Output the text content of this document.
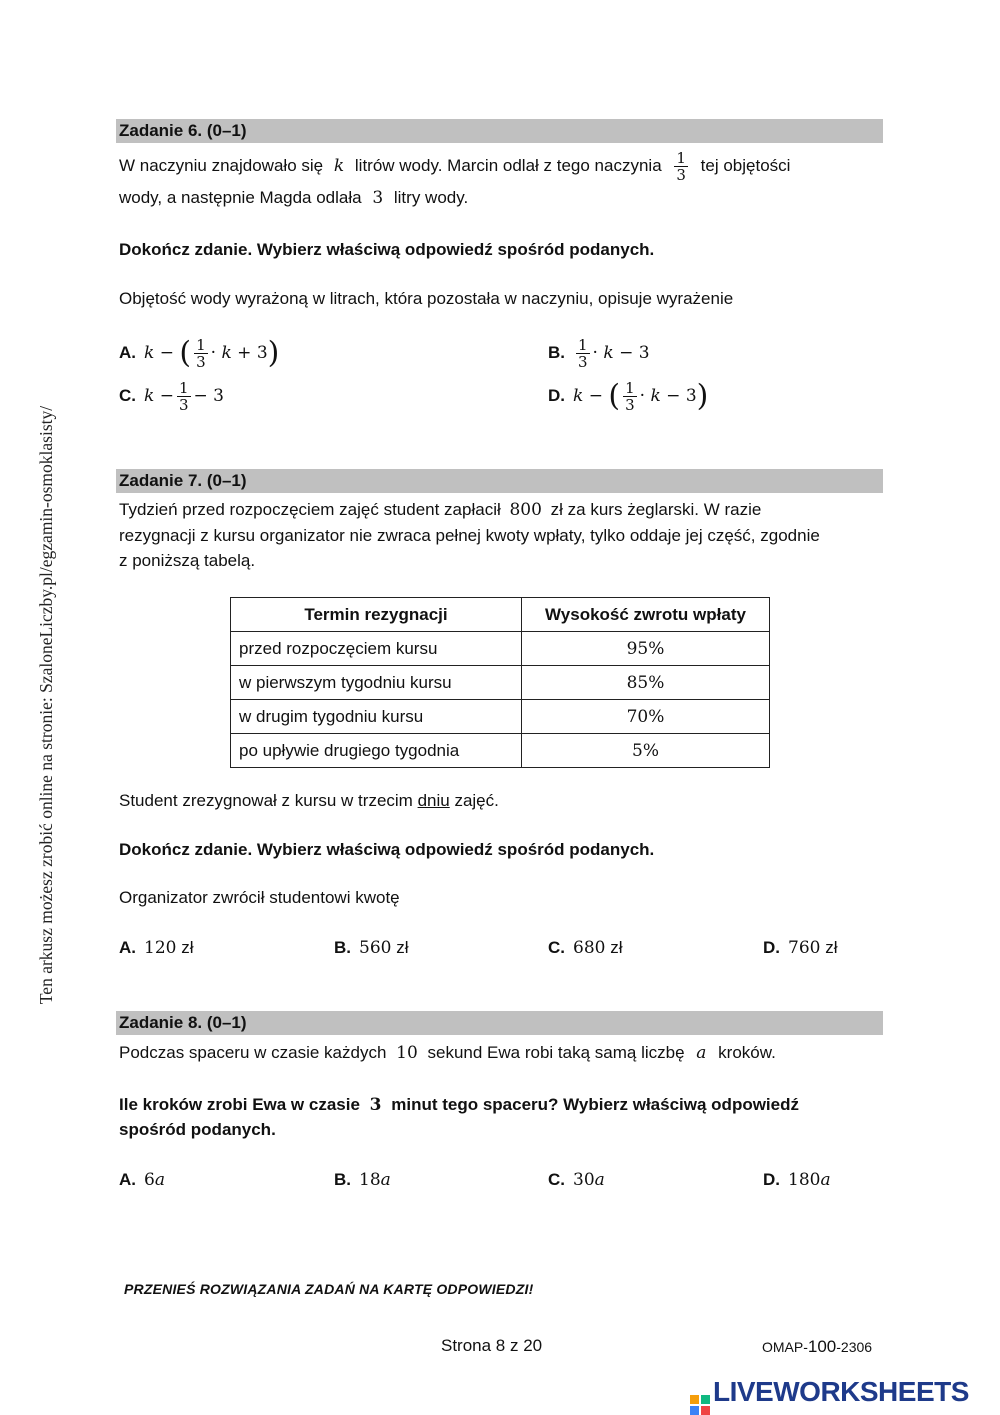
Ten arkusz możesz zrobić online na stronie: SzaloneLiczby.pl/egzamin-osmoklasisty/
Zadanie 6. (0–1)
W naczyniu znajdowało się k litrów wody. Marcin odlał z tego naczynia $\frac{1}{3}$ tej objętości
wody, a następnie Magda odlała 3 litry wody.
Dokończ zdanie. Wybierz właściwą odpowiedź spośród podanych.
Objętość wody wyrażoną w litrach, która pozostała w naczyniu, opisuje wyrażenie
A. k − ( $\frac{1}{3} \cdot k + 3$)	B. $\frac{1}{3} \cdot k - 3$
C. $k - \frac{1}{3} - 3$	D. k − ( $\frac{1}{3} \cdot k - 3$)
Zadanie 7. (0–1)
Tydzień przed rozpoczęciem zajęć student zapłacił 800 zł za kurs żeglarski. W razie
rezygnacji z kursu organizator nie zwraca pełnej kwoty wpłaty, tylko oddaje jej część, zgodnie
z poniższą tabelą.
Termin rezygnacji	Wysokość zwrotu wpłaty
przed rozpoczęciem kursu	95%
w pierwszym tygodniu kursu	85%
w drugim tygodniu kursu	70%
po upływie drugiego tygodnia	5%
Student zrezygnował z kursu w trzecim dniu zajęć.
Dokończ zdanie. Wybierz właściwą odpowiedź spośród podanych.
Organizator zwrócił studentowi kwotę
A. 120 zł	B. 560 zł	C. 680 zł	D. 760 zł
Zadanie 8. (0–1)
Podczas spaceru w czasie każdych 10 sekund Ewa robi taką samą liczbę a kroków.
Ile kroków zrobi Ewa w czasie 3 minut tego spaceru? Wybierz właściwą odpowiedź
spośród podanych.
A. 6a	B. 18a	C. 30a	D. 180a
PRZENIEŚ ROZWIĄZANIA ZADAŃ NA KARTĘ ODPOWIEDZI!
Strona 8 z 20	OMAP-100-2306
LIVEWORKSHEETS
